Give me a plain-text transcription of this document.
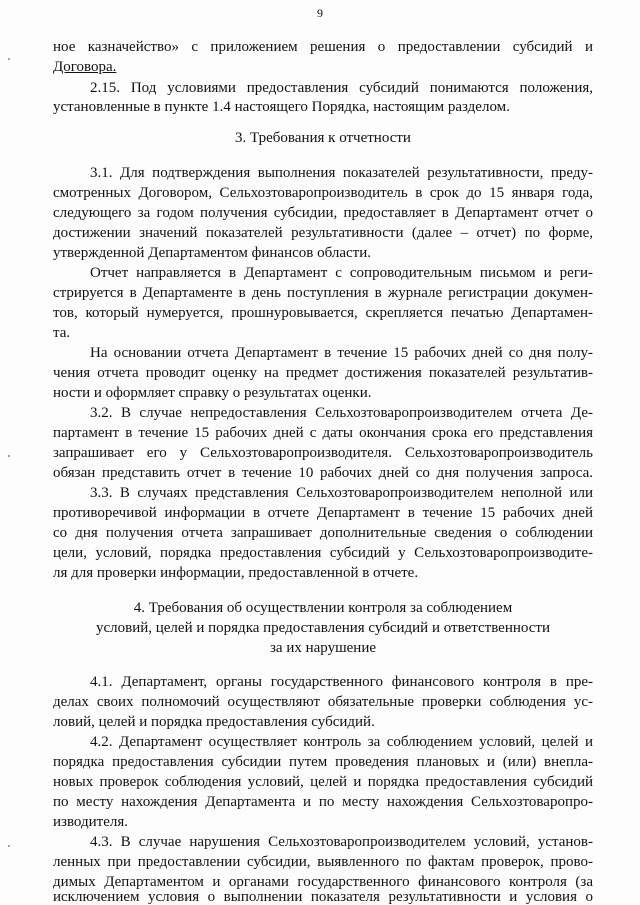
9
ное казначейство» с приложением решения о предоставлении субсидий и
Договора.
2.15. Под условиями предоставления субсидий понимаются положения,
установленные в пункте 1.4 настоящего Порядка, настоящим разделом.
3. Требования к отчетности
3.1. Для подтверждения выполнения показателей результативности, преду-
смотренных Договором, Сельхозтоваропроизводитель в срок до 15 января года,
следующего за годом получения субсидии, предоставляет в Департамент отчет о
достижении значений показателей результативности (далее – отчет) по форме,
утвержденной Департаментом финансов области.
Отчет направляется в Департамент с сопроводительным письмом и реги-
стрируется в Департаменте в день поступления в журнале регистрации докумен-
тов, который нумеруется, прошнуровывается, скрепляется печатью Департамен-
та.
На основании отчета Департамент в течение 15 рабочих дней со дня полу-
чения отчета проводит оценку на предмет достижения показателей результатив-
ности и оформляет справку о результатах оценки.
3.2. В случае непредоставления Сельхозтоваропроизводителем отчета Де-
партамент в течение 15 рабочих дней с даты окончания срока его представления
запрашивает его у Сельхозтоваропроизводителя. Сельхозтоваропроизводитель
обязан представить отчет в течение 10 рабочих дней со дня получения запроса.
3.3. В случаях представления Сельхозтоваропроизводителем неполной или
противоречивой информации в отчете Департамент в течение 15 рабочих дней
со дня получения отчета запрашивает дополнительные сведения о соблюдении
цели, условий, порядка предоставления субсидий у Сельхозтоваропроизводите-
ля для проверки информации, предоставленной в отчете.
4. Требования об осуществлении контроля за соблюдением
условий, целей и порядка предоставления субсидий и ответственности
за их нарушение
4.1. Департамент, органы государственного финансового контроля в пре-
делах своих полномочий осуществляют обязательные проверки соблюдения ус-
ловий, целей и порядка предоставления субсидий.
4.2. Департамент осуществляет контроль за соблюдением условий, целей и
порядка предоставления субсидии путем проведения плановых и (или) внепла-
новых проверок соблюдения условий, целей и порядка предоставления субсидий
по месту нахождения Департамента и по месту нахождения Сельхозтоваропро-
изводителя.
4.3. В случае нарушения Сельхозтоваропроизводителем условий, установ-
ленных при предоставлении субсидии, выявленного по фактам проверок, прово-
димых Департаментом и органами государственного финансового контроля (за
исключением условия о выполнении показателя результативности и условия о
